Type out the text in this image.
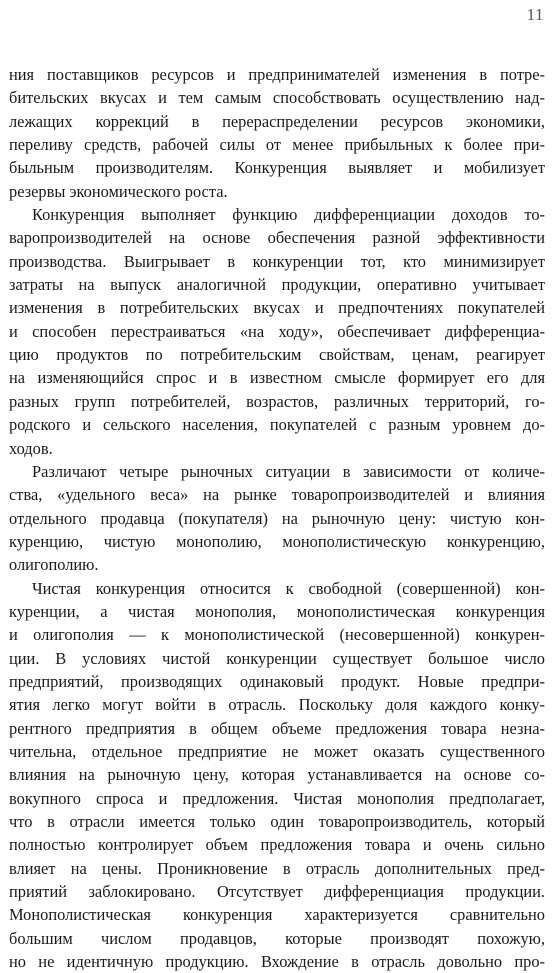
11
ния поставщиков ресурсов и предпринимателей изменения в потре-
бительских вкусах и тем самым способствовать осуществлению над-
лежащих коррекций в перераспределении ресурсов экономики,
переливу средств, рабочей силы от менее прибыльных к более при-
быльным производителям. Конкуренция выявляет и мобилизует
резервы экономического роста.
Конкуренция выполняет функцию дифференциации доходов то-
варопроизводителей на основе обеспечения разной эффективности
производства. Выигрывает в конкуренции тот, кто минимизирует
затраты на выпуск аналогичной продукции, оперативно учитывает
изменения в потребительских вкусах и предпочтениях покупателей
и способен перестраиваться «на ходу», обеспечивает дифференциа-
цию продуктов по потребительским свойствам, ценам, реагирует
на изменяющийся спрос и в известном смысле формирует его для
разных групп потребителей, возрастов, различных территорий, го-
родского и сельского населения, покупателей с разным уровнем до-
ходов.
Различают четыре рыночных ситуации в зависимости от количе-
ства, «удельного веса» на рынке товаропроизводителей и влияния
отдельного продавца (покупателя) на рыночную цену: чистую кон-
куренцию, чистую монополию, монополистическую конкуренцию,
олигополию.
Чистая конкуренция относится к свободной (совершенной) кон-
куренции, а чистая монополия, монополистическая конкуренция
и олигополия — к монополистической (несовершенной) конкурен-
ции. В условиях чистой конкуренции существует большое число
предприятий, производящих одинаковый продукт. Новые предпри-
ятия легко могут войти в отрасль. Поскольку доля каждого конку-
рентного предприятия в общем объеме предложения товара незна-
чительна, отдельное предприятие не может оказать существенного
влияния на рыночную цену, которая устанавливается на основе со-
вокупного спроса и предложения. Чистая монополия предполагает,
что в отрасли имеется только один товаропроизводитель, который
полностью контролирует объем предложения товара и очень сильно
влияет на цены. Проникновение в отрасль дополнительных пред-
приятий заблокировано. Отсутствует дифференциация продукции.
Монополистическая конкуренция характеризуется сравнительно
большим числом продавцов, которые производят похожую,
но не идентичную продукцию. Вхождение в отрасль довольно про-
